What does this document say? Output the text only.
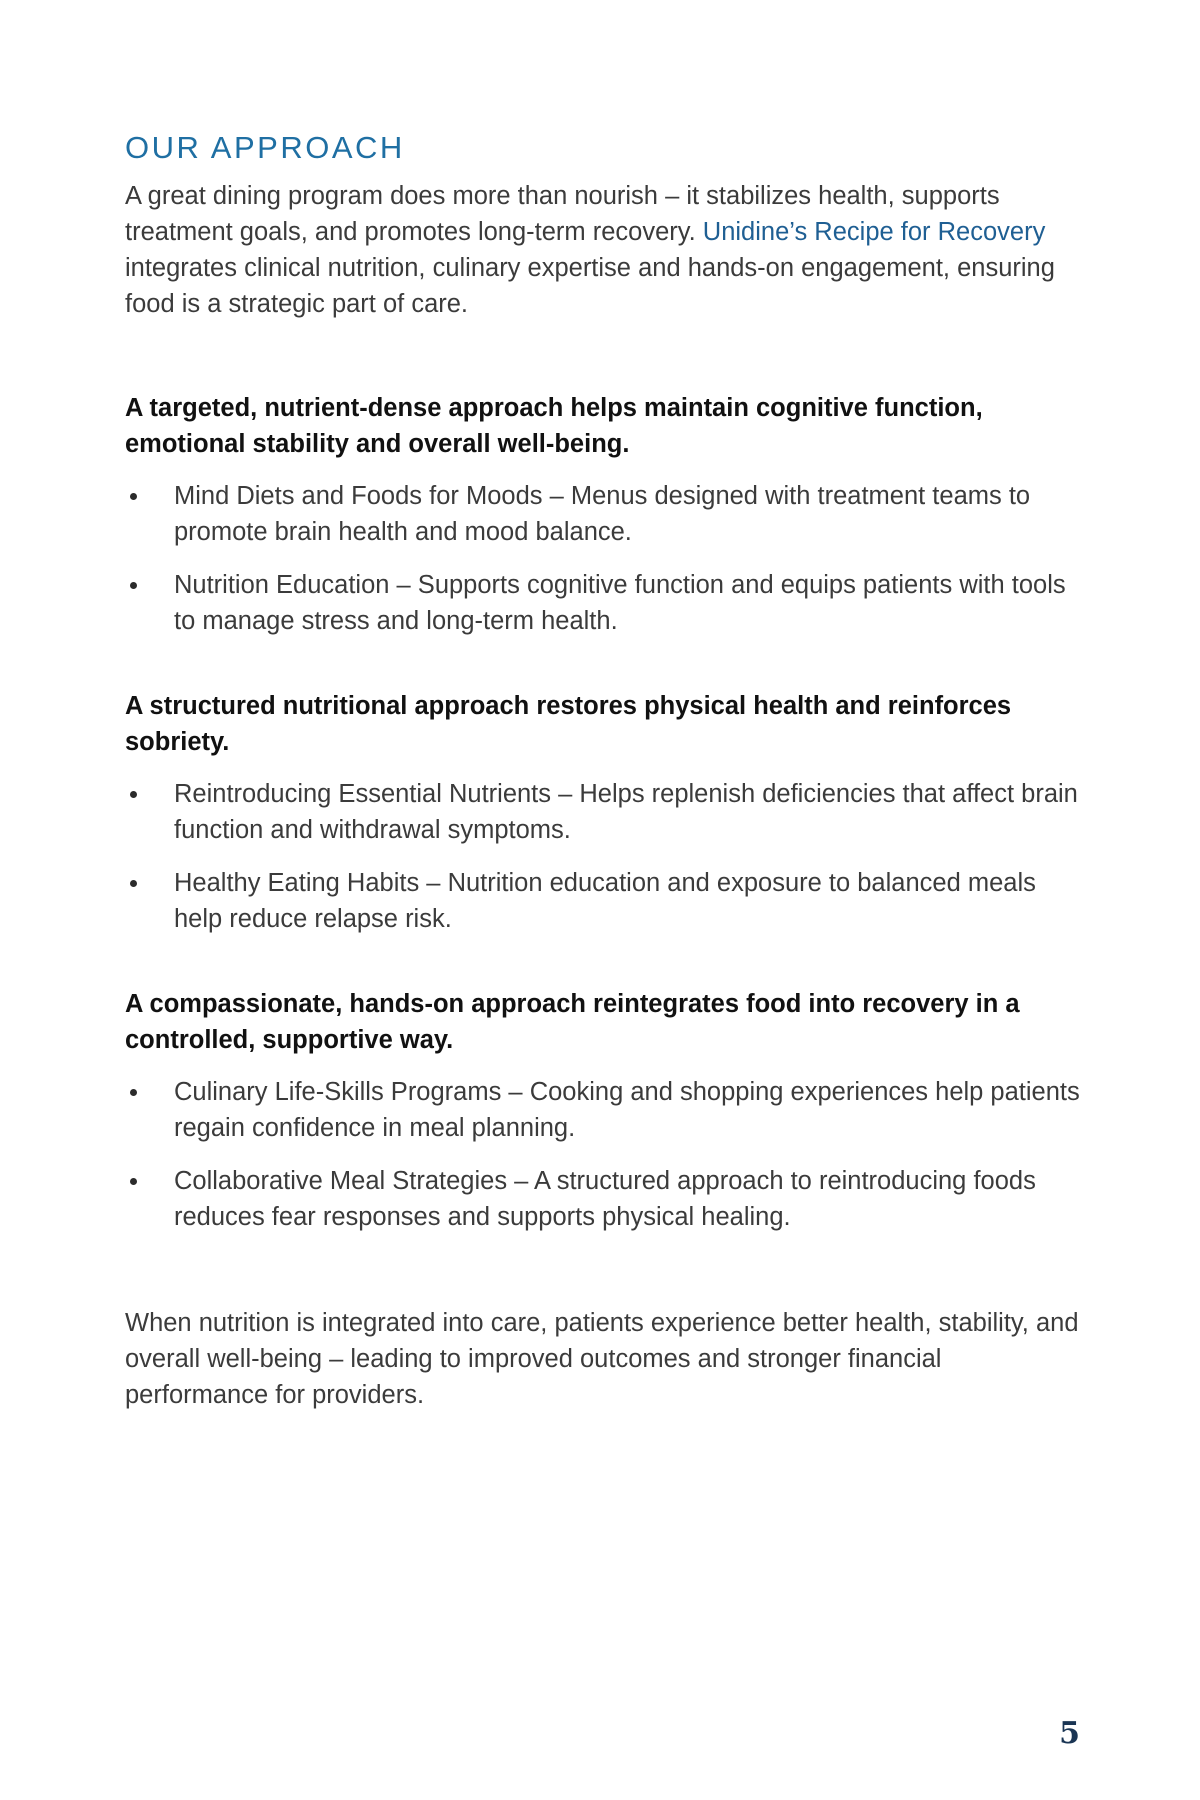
OUR APPROACH

A great dining program does more than nourish – it stabilizes health, supports treatment goals, and promotes long-term recovery. Unidine’s Recipe for Recovery integrates clinical nutrition, culinary expertise and hands-on engagement, ensuring food is a strategic part of care.

A targeted, nutrient-dense approach helps maintain cognitive function, emotional stability and overall well-being.

Mind Diets and Foods for Moods – Menus designed with treatment teams to promote brain health and mood balance.
Nutrition Education – Supports cognitive function and equips patients with tools to manage stress and long-term health.

A structured nutritional approach restores physical health and reinforces sobriety.

Reintroducing Essential Nutrients – Helps replenish deficiencies that affect brain function and withdrawal symptoms.
Healthy Eating Habits – Nutrition education and exposure to balanced meals help reduce relapse risk.

A compassionate, hands-on approach reintegrates food into recovery in a controlled, supportive way.

Culinary Life-Skills Programs – Cooking and shopping experiences help patients regain confidence in meal planning.
Collaborative Meal Strategies – A structured approach to reintroducing foods reduces fear responses and supports physical healing.

When nutrition is integrated into care, patients experience better health, stability, and overall well-being – leading to improved outcomes and stronger financial performance for providers.

5
